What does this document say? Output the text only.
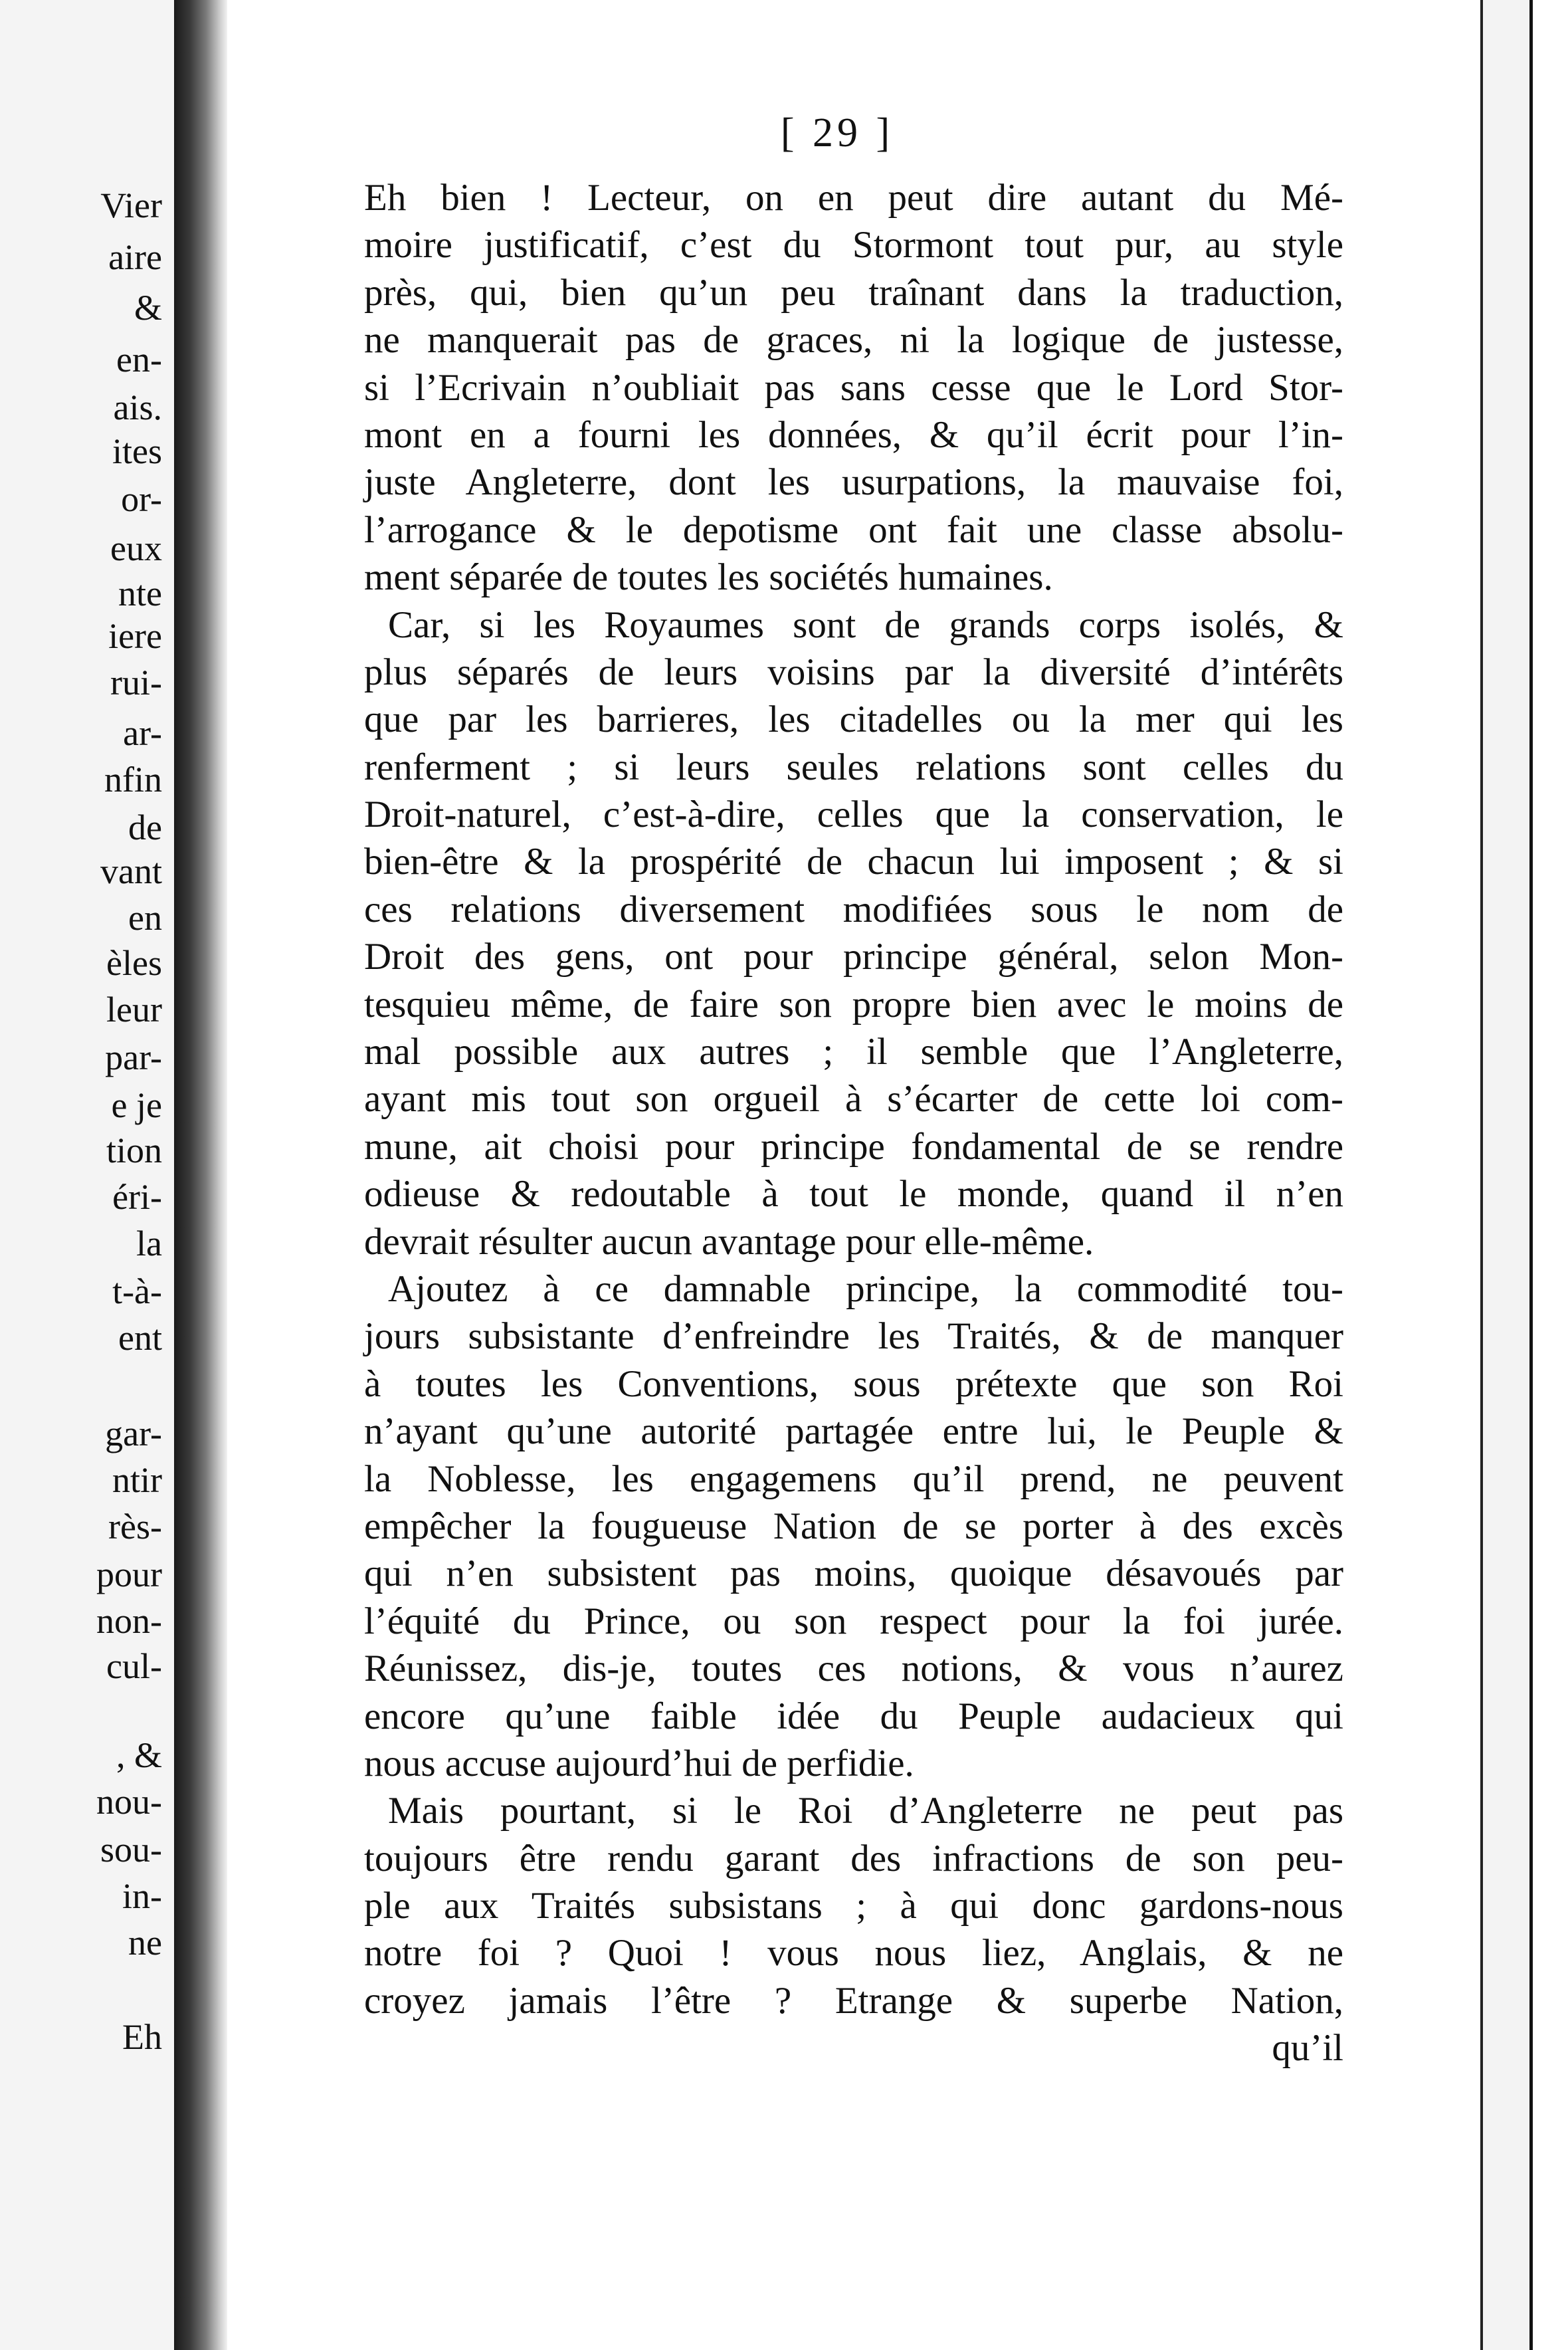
Vier
aire
&
en-
ais.
ites
or-
eux
nte
iere
rui-
ar-
nfin
de
vant
en
èles
leur
par-
e je
tion
éri-
la
t-à-
ent
gar-
ntir
rès-
pour
non-
cul-
, &
nou-
sou-
in-
ne
Eh
[ 29 ]
Eh bien ! Lecteur, on en peut dire autant du Mé-
moire justificatif, c’est du Stormont tout pur, au style
près, qui, bien qu’un peu traînant dans la traduction,
ne manquerait pas de graces, ni la logique de justesse,
si l’Ecrivain n’oubliait pas sans cesse que le Lord Stor-
mont en a fourni les données, & qu’il écrit pour l’in-
juste Angleterre, dont les usurpations, la mauvaise foi,
l’arrogance & le depotisme ont fait une classe absolu-
ment séparée de toutes les sociétés humaines.
Car, si les Royaumes sont de grands corps isolés, &
plus séparés de leurs voisins par la diversité d’intérêts
que par les barrieres, les citadelles ou la mer qui les
renferment ; si leurs seules relations sont celles du
Droit-naturel, c’est-à-dire, celles que la conservation, le
bien-être & la prospérité de chacun lui imposent ; & si
ces relations diversement modifiées sous le nom de
Droit des gens, ont pour principe général, selon Mon-
tesquieu même, de faire son propre bien avec le moins de
mal possible aux autres ; il semble que l’Angleterre,
ayant mis tout son orgueil à s’écarter de cette loi com-
mune, ait choisi pour principe fondamental de se rendre
odieuse & redoutable à tout le monde, quand il n’en
devrait résulter aucun avantage pour elle-même.
Ajoutez à ce damnable principe, la commodité tou-
jours subsistante d’enfreindre les Traités, & de manquer
à toutes les Conventions, sous prétexte que son Roi
n’ayant qu’une autorité partagée entre lui, le Peuple &
la Noblesse, les engagemens qu’il prend, ne peuvent
empêcher la fougueuse Nation de se porter à des excès
qui n’en subsistent pas moins, quoique désavoués par
l’équité du Prince, ou son respect pour la foi jurée.
Réunissez, dis-je, toutes ces notions, & vous n’aurez
encore qu’une faible idée du Peuple audacieux qui
nous accuse aujourd’hui de perfidie.
Mais pourtant, si le Roi d’Angleterre ne peut pas
toujours être rendu garant des infractions de son peu-
ple aux Traités subsistans ; à qui donc gardons-nous
notre foi ? Quoi ! vous nous liez, Anglais, & ne
croyez jamais l’être ? Etrange & superbe Nation,
qu’il
